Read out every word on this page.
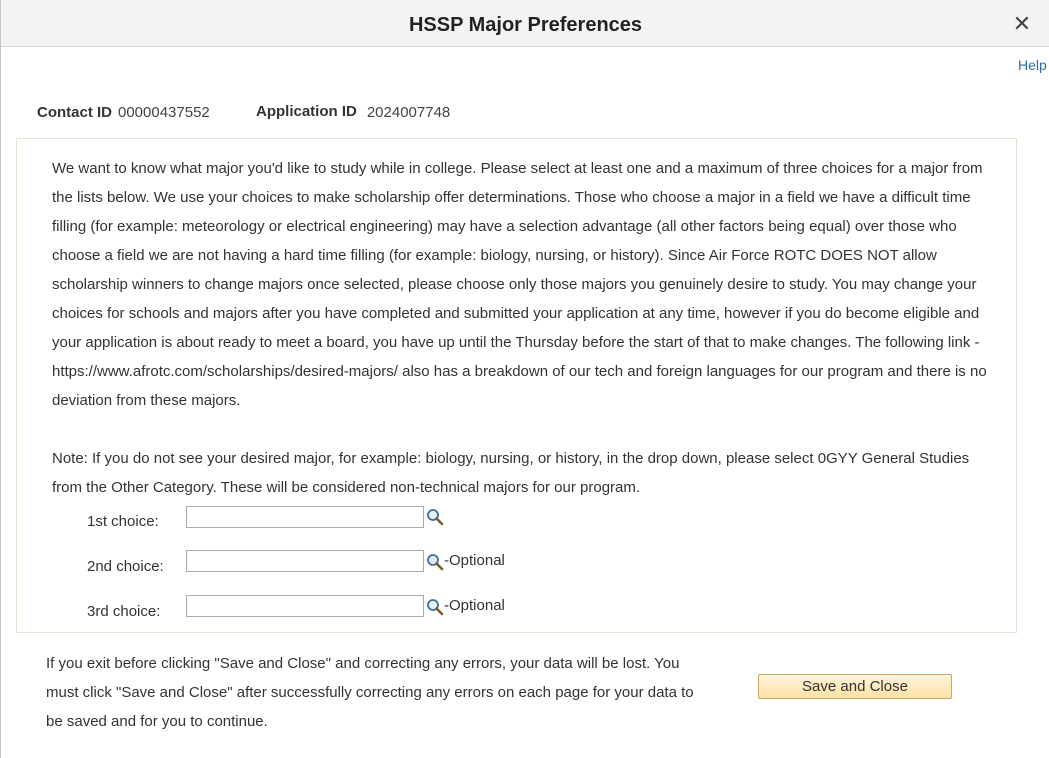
HSSP Major Preferences	✕
Help
Contact ID 00000437552	Application ID 2024007748
We want to know what major you'd like to study while in college. Please select at least one and a maximum of three choices for a major from the lists below. We use your choices to make scholarship offer determinations. Those who choose a major in a field we have a difficult time filling (for example: meteorology or electrical engineering) may have a selection advantage (all other factors being equal) over those who choose a field we are not having a hard time filling (for example: biology, nursing, or history). Since Air Force ROTC DOES NOT allow scholarship winners to change majors once selected, please choose only those majors you genuinely desire to study. You may change your choices for schools and majors after you have completed and submitted your application at any time, however if you do become eligible and your application is about ready to meet a board, you have up until the Thursday before the start of that to make changes. The following link - https://www.afrotc.com/scholarships/desired-majors/ also has a breakdown of our tech and foreign languages for our program and there is no deviation from these majors.
Note: If you do not see your desired major, for example: biology, nursing, or history, in the drop down, please select 0GYY General Studies from the Other Category. These will be considered non-technical majors for our program.
1st choice:
2nd choice:	-Optional
3rd choice:	-Optional
If you exit before clicking "Save and Close" and correcting any errors, your data will be lost. You must click "Save and Close" after successfully correcting any errors on each page for your data to be saved and for you to continue.
Save and Close
